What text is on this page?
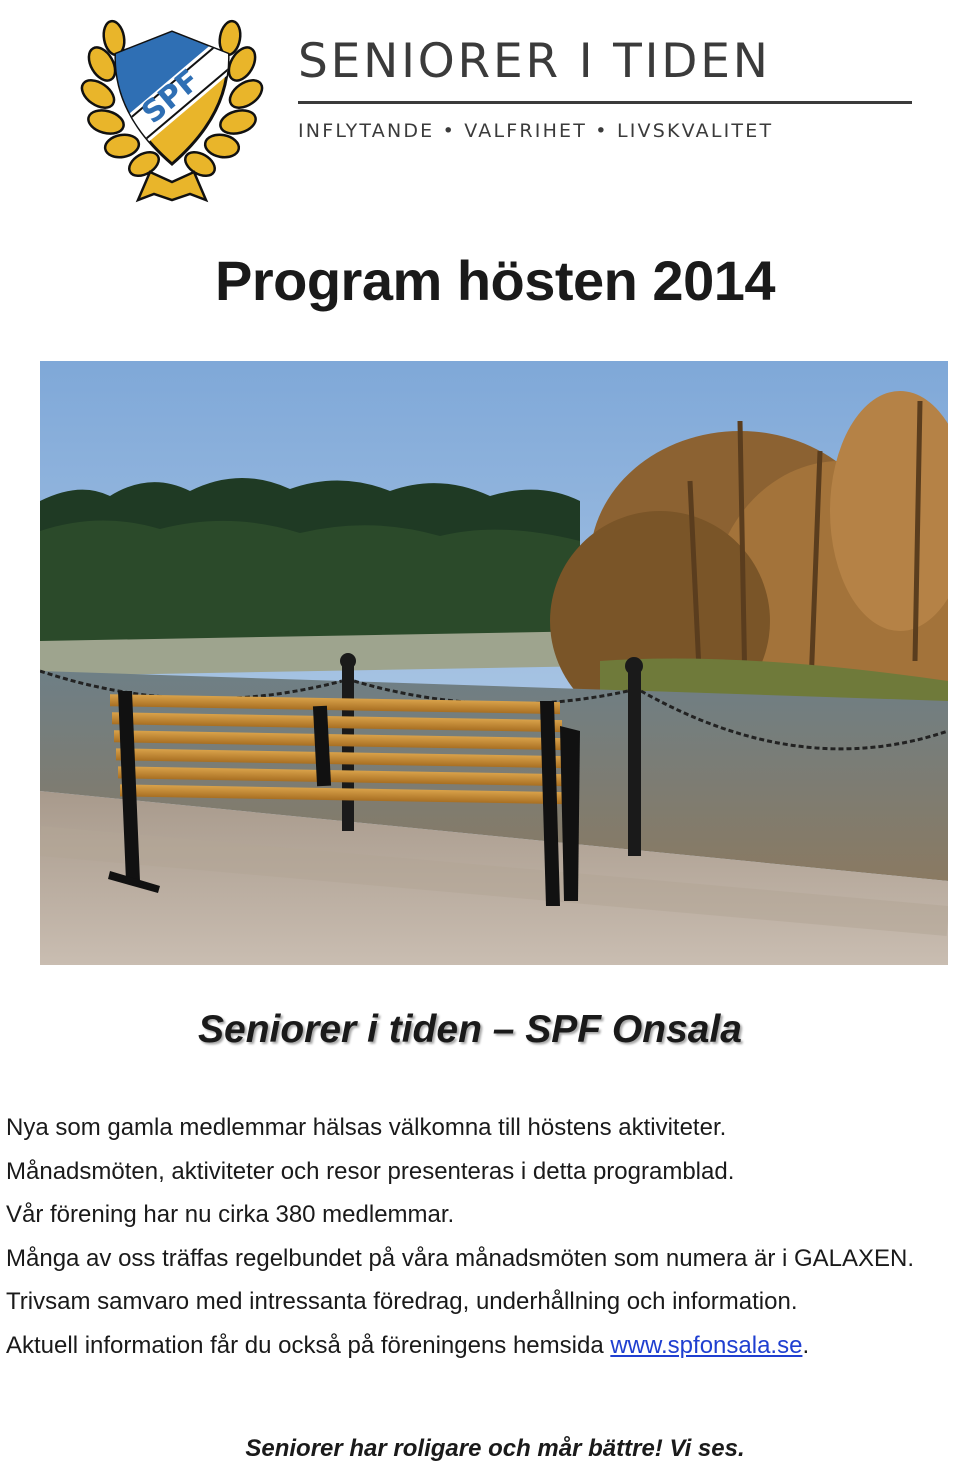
SPF
SENIORER I TIDEN
INFLYTANDE • VALFRIHET • LIVSKVALITET
Program hösten 2014
Seniorer i tiden – SPF Onsala

Nya som gamla medlemmar hälsas välkomna till höstens aktiviteter.

Månadsmöten, aktiviteter och resor presenteras i detta programblad.

Vår förening har nu cirka 380 medlemmar.

Många av oss träffas regelbundet på våra månadsmöten som numera är i GALAXEN. Trivsam samvaro med intressanta föredrag, underhållning och information.

Aktuell information får du också på föreningens hemsida www.spfonsala.se.

Seniorer har roligare och mår bättre! Vi ses.
